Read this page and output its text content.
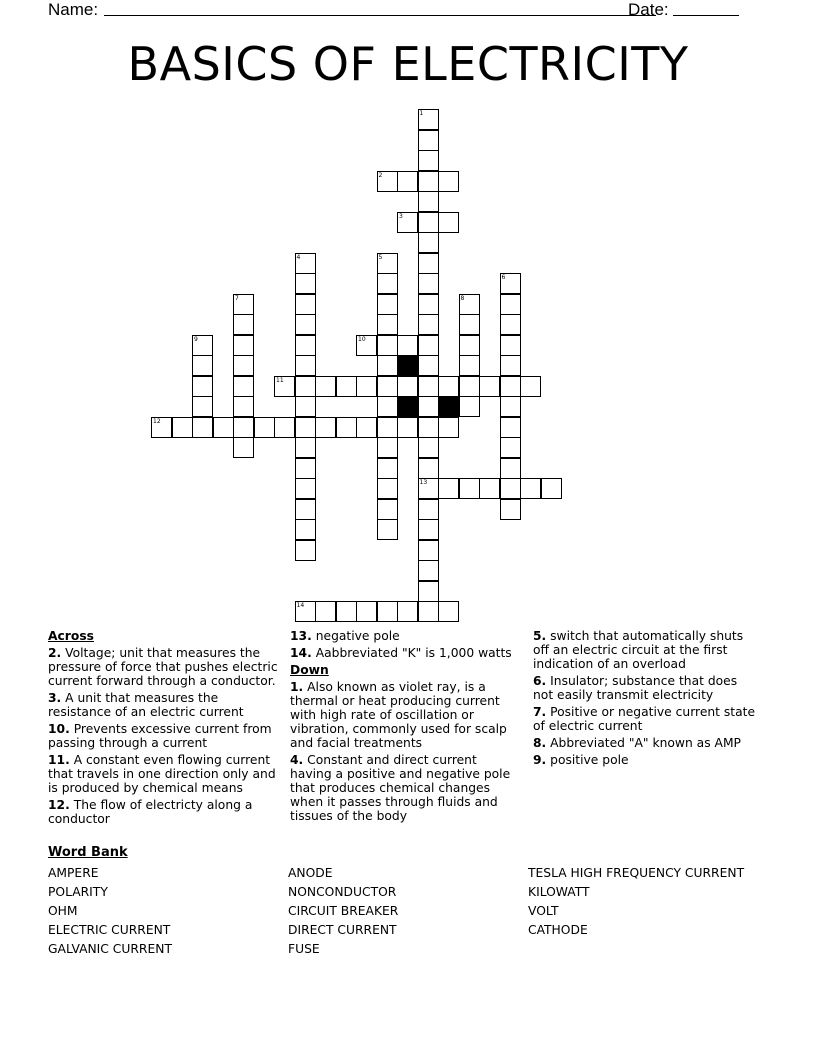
Name:	Date:
BASICS OF ELECTRICITY
1
13
2
3
4	5
6
7	8
9	10
11
12
14
Across
2. Voltage; unit that measures the pressure of force that pushes electric current forward through a conductor.
3. A unit that measures the resistance of an electric current
10. Prevents excessive current from passing through a current
11. A constant even flowing current that travels in one direction only and is produced by chemical means
12. The flow of electricty along a conductor
13. negative pole
14. Aabbreviated "K" is 1,000 watts
Down
1. Also known as violet ray, is a thermal or heat producing current with high rate of oscillation or vibration, commonly used for scalp and facial treatments
4. Constant and direct current having a positive and negative pole that produces chemical changes when it passes through fluids and tissues of the body
5. switch that automatically shuts off an electric circuit at the first indication of an overload
6. Insulator; substance that does not easily transmit electricity
7. Positive or negative current state of electric current
8. Abbreviated "A" known as AMP
9. positive pole
Word Bank
AMPERE
POLARITY
OHM
ELECTRIC CURRENT
GALVANIC CURRENT
ANODE
NONCONDUCTOR
CIRCUIT BREAKER
DIRECT CURRENT
FUSE
TESLA HIGH FREQUENCY CURRENT
KILOWATT
VOLT
CATHODE
